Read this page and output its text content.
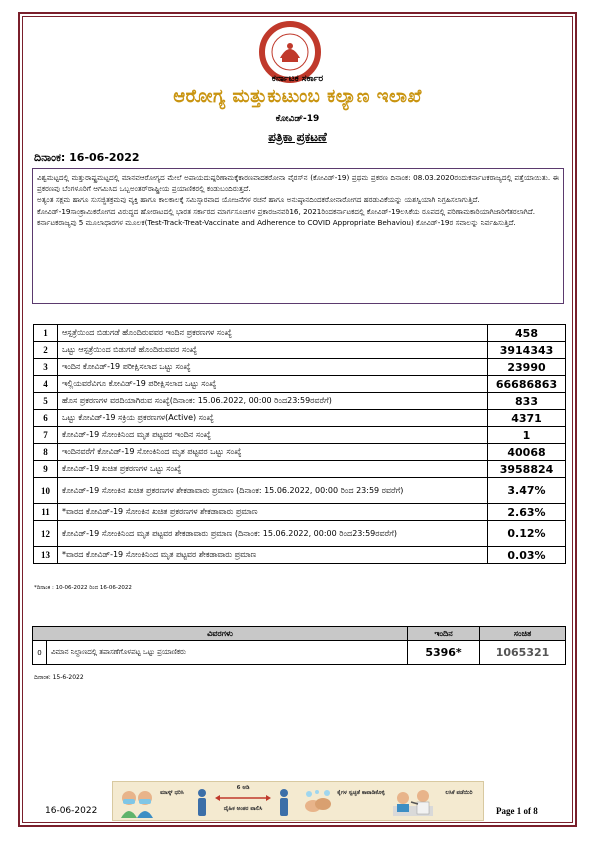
ಕರ್ನಾಟಕ ಸರ್ಕಾರ
ಆರೋಗ್ಯ ಮತ್ತುಕುಟುಂಬ ಕಲ್ಯಾಣ ಇಲಾಖೆ
ಕೋವಿಡ್-19
ಪತ್ರಿಕಾ ಪ್ರಕಟಣೆ
ದಿನಾಂಕ: 16-06-2022

ವಿಶ್ವಮಟ್ಟದಲ್ಲಿ ಮತ್ತುರಾಷ್ಟ್ರಮಟ್ಟದಲ್ಲಿ ಮಾನವಆರೋಗ್ಯದ ಮೇಲೆ ಅಪಾಯದುಷ್ಪರಿಣಾಮಕ್ಕೆಕಾರಣವಾದಕರೋನಾ ವೈರಸ್‌ನ (ಕೋವಿಡ್-19) ಪ್ರಥಮ ಪ್ರಕರಣ ದಿನಾಂಕ: 08.03.2020ರಂದುಕರ್ನಾಟಕರಾಜ್ಯದಲ್ಲಿ ಪತ್ತೆಯಾಯಿತು. ಈ ಪ್ರಕರಣವು ಬೆಂಗಳೂರಿಗೆ ಆಗಮಿಸಿದ ಒಬ್ಬಅಂತರ್‌ರಾಷ್ಟ್ರೀಯ ಪ್ರಯಾಣಿಕರಲ್ಲಿ ಕಂಡುಬಂದಿರುತ್ತದೆ.

ಅತ್ಯಂತ ಸಕ್ಷಮ ಹಾಗೂ ಸುಸಜ್ಜಿತಕ್ರಮವು ವ್ಯಕ್ತಿ ಹಾಗೂ ಕಾಲಕಾಲಕ್ಕೆ ಸಮಿಸ್ಸಾರವಾದ ಯೋಜನೆಗಳ ರಚನೆ ಹಾಗೂ ಅನುಷ್ಠಾನದಿಂದಕರೋನಾರೋಗದ ಹರಡುವಿಕೆಯನ್ನು ಯಶಸ್ವಿಯಾಗಿ ನಿಗ್ರಹಿಸಲಾಗುತ್ತಿದೆ.

ಕೋವಿಡ್-19ಸಾಂಕ್ರಾಮಿಕರೋಗದ ವಿರುದ್ಧದ ಹೋರಾಟದಲ್ಲಿ ಭಾರತ ಸರ್ಕಾರದ ಮಾರ್ಗಸೂಚಿಗಳ ಪ್ರಕಾರಜನವರಿ16, 2021ರಿಂದಕರ್ನಾಟಕದಲ್ಲಿ ಕೋವಿಡ್-19ಲಸಿಕೆಯ ರೂಪದಲ್ಲಿ ಪರಿಣಾಮಕಾರಿಯಾಗಿಜಾರಿಗೆತರಲಾಗಿದೆ.

ಕರ್ನಾಟಕರಾಜ್ಯವು 5 ಮೂಲಾಧಾರಗಳ ಮೂಲಕ(Test-Track-Treat-Vaccinate and Adherence to COVID Appropriate Behaviou) ಕೋವಿಡ್-19ರ ಸವಾಲನ್ನು ನಿರ್ವಹಿಸುತ್ತಿದೆ.

1	ಆಸ್ಪತ್ರೆಯಿಂದ ಬಿಡುಗಡೆ ಹೊಂದಿರುವವರ ಇಂದಿನ ಪ್ರಕರಣಗಳ ಸಂಖ್ಯೆ	458
2	ಒಟ್ಟು ಆಸ್ಪತ್ರೆಯಿಂದ ಬಿಡುಗಡೆ ಹೊಂದಿರುವವರ ಸಂಖ್ಯೆ	3914343
3	ಇಂದಿನ ಕೋವಿಡ್-19 ಪರೀಕ್ಷಿಸಲಾದ ಒಟ್ಟು ಸಂಖ್ಯೆ	23990
4	ಇಲ್ಲಿಯವರೆವಿಗೂ ಕೋವಿಡ್-19 ಪರೀಕ್ಷಿಸಲಾದ ಒಟ್ಟು ಸಂಖ್ಯೆ	66686863
5	ಹೊಸ ಪ್ರಕರಣಗಳ ವರದಿಯಾಗಿರುವ ಸಂಖ್ಯೆ(ದಿನಾಂಕ: 15.06.2022, 00:00 ರಿಂದ23:59ರವರೆಗೆ)	833
6	ಒಟ್ಟು ಕೋವಿಡ್-19 ಸಕ್ರಿಯ ಪ್ರಕರಣಗಳ(Active) ಸಂಖ್ಯೆ	4371
7	ಕೋವಿಡ್-19 ಸೋಂಕಿನಿಂದ ಮೃತ ಪಟ್ಟವರ ಇಂದಿನ ಸಂಖ್ಯೆ	1
8	ಇಂದಿನವರೆಗೆ ಕೋವಿಡ್-19 ಸೋಂಕಿನಿಂದ ಮೃತ ಪಟ್ಟವರ ಒಟ್ಟು ಸಂಖ್ಯೆ	40068
9	ಕೋವಿಡ್-19 ಖಚಿತ ಪ್ರಕರಣಗಳ ಒಟ್ಟು ಸಂಖ್ಯೆ	3958824
10	ಕೋವಿಡ್-19 ಸೋಂಕಿನ ಖಚಿತ ಪ್ರಕರಣಗಳ ಶೇಕಡಾವಾರು ಪ್ರಮಾಣ (ದಿನಾಂಕ: 15.06.2022, 00:00 ರಿಂದ 23:59 ರವರೆಗೆ)	3.47%
11	*ವಾರದ ಕೋವಿಡ್-19 ಸೋಂಕಿನ ಖಚಿತ ಪ್ರಕರಣಗಳ ಶೇಕಡಾವಾರು ಪ್ರಮಾಣ	2.63%
12	ಕೋವಿಡ್-19 ಸೋಂಕಿನಿಂದ ಮೃತ ಪಟ್ಟವರ ಶೇಕಡಾವಾರು ಪ್ರಮಾಣ (ದಿನಾಂಕ: 15.06.2022, 00:00 ರಿಂದ23:59ರವರೆಗೆ)	0.12%
13	*ವಾರದ ಕೋವಿಡ್-19 ಸೋಂಕಿನಿಂದ ಮೃತ ಪಟ್ಟವರ ಶೇಕಡಾವಾರು ಪ್ರಮಾಣ	0.03%
*ದಿನಾಂಕ : 10-06-2022 ರಿಂದ 16-06-2022
ವಿವರಗಳು		ಇಂದಿನ	ಸಂಚಿತ
0	ವಿಮಾನ ನಿಲ್ದಾಣದಲ್ಲಿ ತಪಾಸಣೆಗೊಳಪಟ್ಟ ಒಟ್ಟು ಪ್ರಯಾಣಿಕರು	5396*	1065321
ದಿನಾಂಕ: 15-6-2022
ಮಾಸ್ಕ್ ಧರಿಸಿ
6 ಅಡಿ
ದೈಹಿಕ ಅಂತರ ಪಾಲಿಸಿ
ಕೈಗಳ ಸ್ವಚ್ಛತೆ ಕಾಪಾಡಿಕೊಳ್ಳಿ	ಲಸಿಕೆ ಪಡೆಯಿರಿ
16-06-2022	Page 1 of 8
